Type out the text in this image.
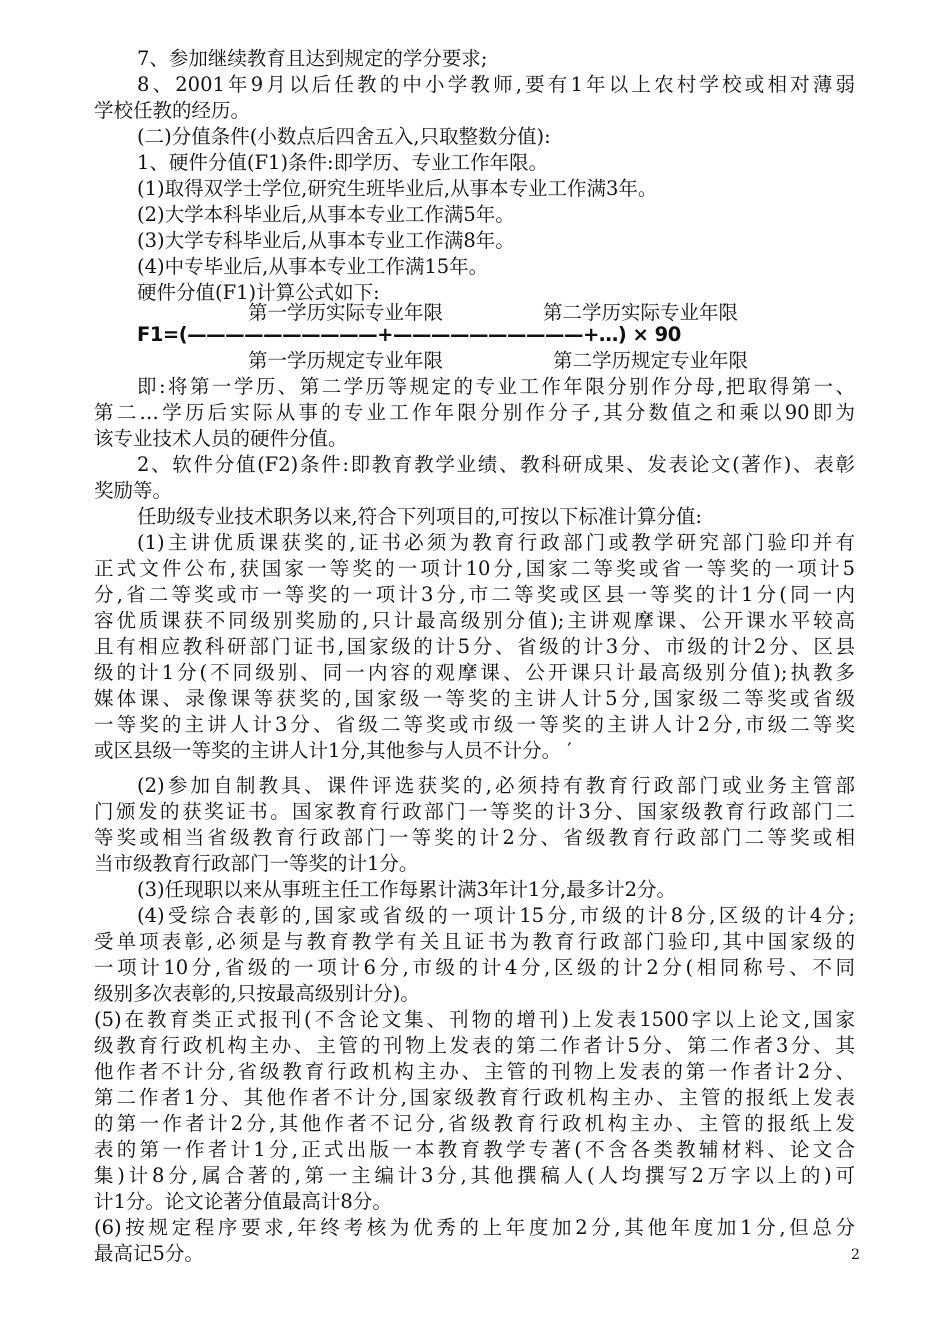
7、参加继续教育且达到规定的学分要求;
8、2001年9月以后任教的中小学教师,要有1年以上农村学校或相对薄弱
学校任教的经历。
(二)分值条件(小数点后四舍五入,只取整数分值):
1、硬件分值(F1)条件:即学历、专业工作年限。
(1)取得双学士学位,研究生班毕业后,从事本专业工作满3年。
(2)大学本科毕业后,从事本专业工作满5年。
(3)大学专科毕业后,从事本专业工作满8年。
(4)中专毕业后,从事本专业工作满15年。
硬件分值(F1)计算公式如下:
第一学历实际专业年限	第二学历实际专业年限
F1=(——————————+——————————+…) × 90
第一学历规定专业年限	第二学历规定专业年限
即:将第一学历、第二学历等规定的专业工作年限分别作分母,把取得第一、
第二…学历后实际从事的专业工作年限分别作分子,其分数值之和乘以90即为
该专业技术人员的硬件分值。
2、软件分值(F2)条件:即教育教学业绩、教科研成果、发表论文(著作)、表彰
奖励等。
任助级专业技术职务以来,符合下列项目的,可按以下标准计算分值:
(1)主讲优质课获奖的,证书必须为教育行政部门或教学研究部门验印并有
正式文件公布,获国家一等奖的一项计10分,国家二等奖或省一等奖的一项计5
分,省二等奖或市一等奖的一项计3分,市二等奖或区县一等奖的计1分(同一内
容优质课获不同级别奖励的,只计最高级别分值);主讲观摩课、公开课水平较高
且有相应教科研部门证书,国家级的计5分、省级的计3分、市级的计2分、区县
级的计1分(不同级别、同一内容的观摩课、公开课只计最高级别分值);执教多
媒体课、录像课等获奖的,国家级一等奖的主讲人计5分,国家级二等奖或省级
一等奖的主讲人计3分、省级二等奖或市级一等奖的主讲人计2分,市级二等奖
或区县级一等奖的主讲人计1分,其他参与人员不计分。 ′
(2)参加自制教具、课件评选获奖的,必须持有教育行政部门或业务主管部
门颁发的获奖证书。国家教育行政部门一等奖的计3分、国家级教育行政部门二
等奖或相当省级教育行政部门一等奖的计2分、省级教育行政部门二等奖或相
当市级教育行政部门一等奖的计1分。
(3)任现职以来从事班主任工作每累计满3年计1分,最多计2分。
(4)受综合表彰的,国家或省级的一项计15分,市级的计8分,区级的计4分;
受单项表彰,必须是与教育教学有关且证书为教育行政部门验印,其中国家级的
一项计10分,省级的一项计6分,市级的计4分,区级的计2分(相同称号、不同
级别多次表彰的,只按最高级别计分)。
(5)在教育类正式报刊(不含论文集、刊物的增刊)上发表1500字以上论文,国家
级教育行政机构主办、主管的刊物上发表的第二作者计5分、第二作者3分、其
他作者不计分,省级教育行政机构主办、主管的刊物上发表的第一作者计2分、
第二作者1分、其他作者不计分,国家级教育行政机构主办、主管的报纸上发表
的第一作者计2分,其他作者不记分,省级教育行政机构主办、主管的报纸上发
表的第一作者计1分,正式出版一本教育教学专著(不含各类教辅材料、论文合
集)计8分,属合著的,第一主编计3分,其他撰稿人(人均撰写2万字以上的)可
计1分。论文论著分值最高计8分。
(6)按规定程序要求,年终考核为优秀的上年度加2分,其他年度加1分,但总分
最高记5分。	2
